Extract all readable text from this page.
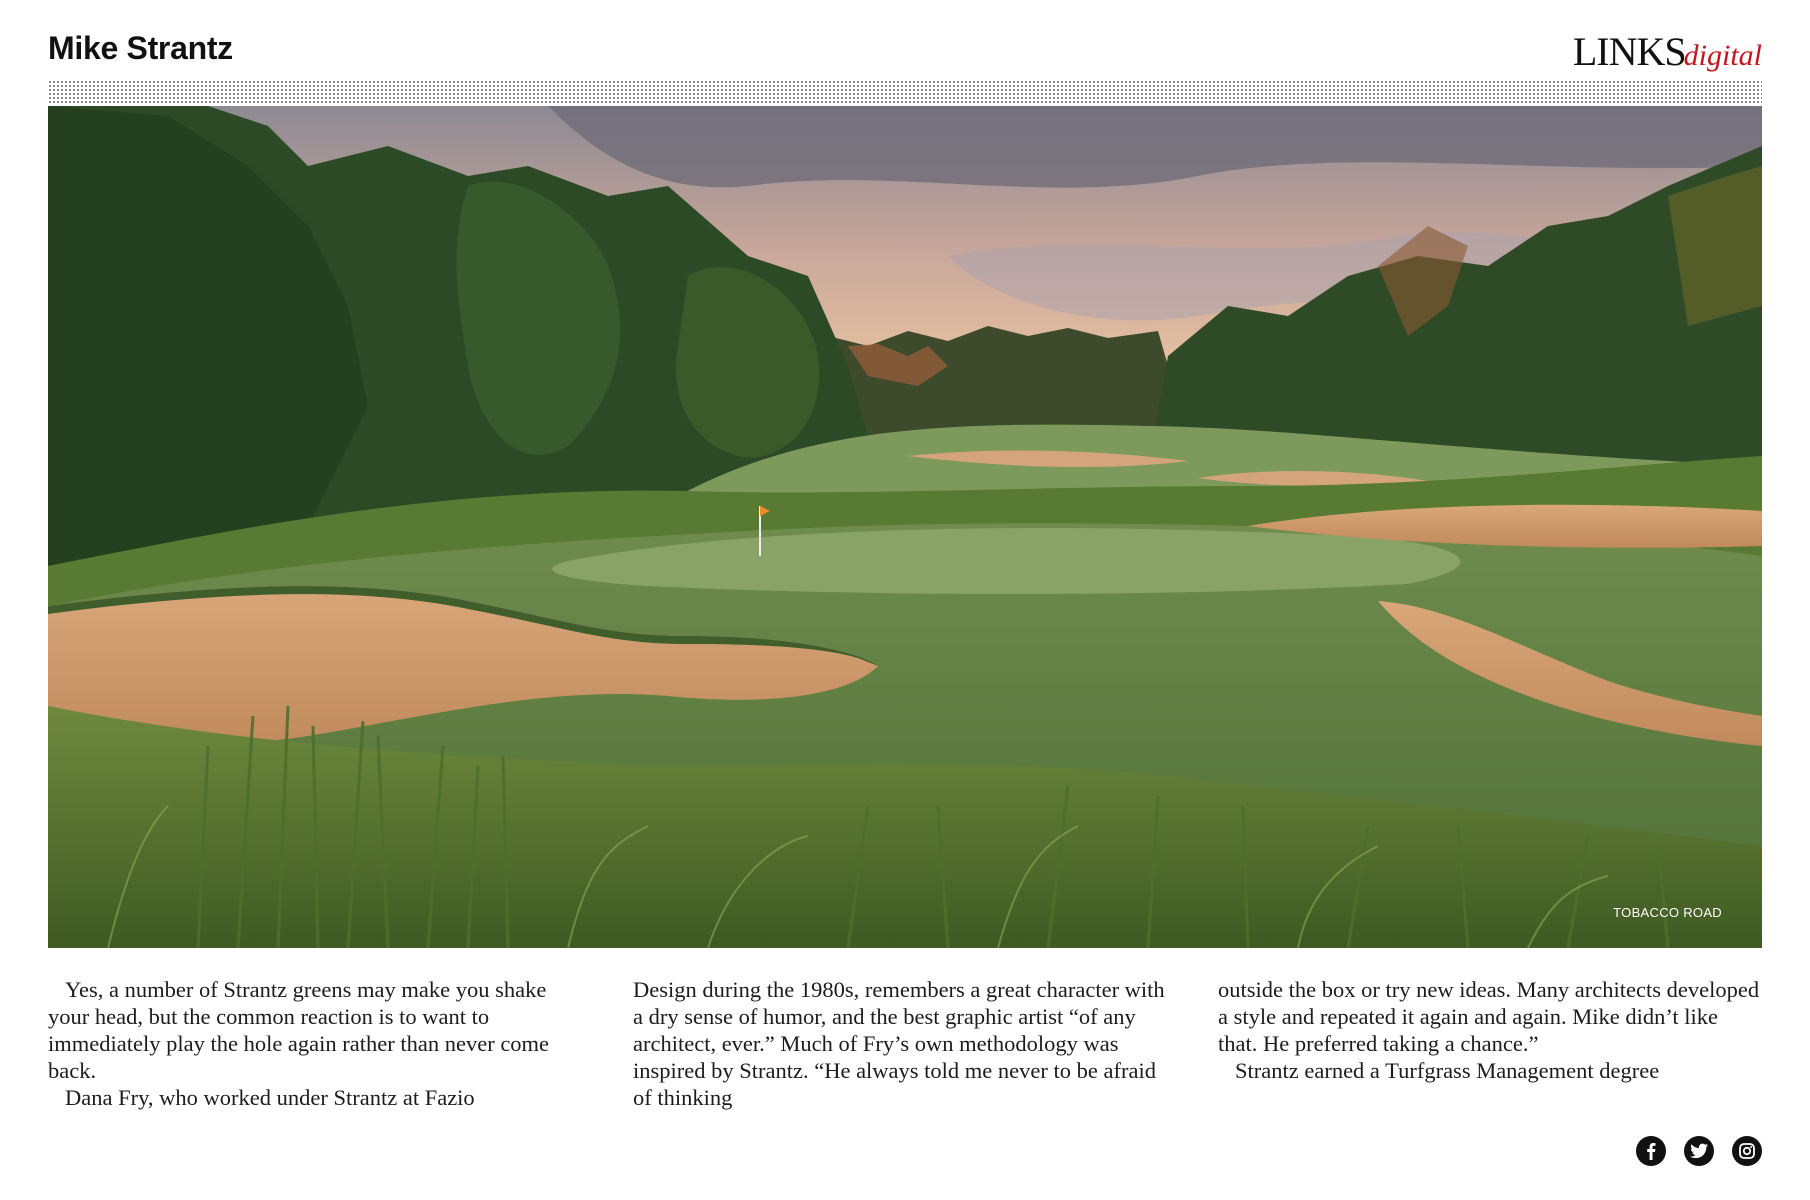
Mike Strantz	LINKSdigital
TOBACCO ROAD

Yes, a number of Strantz greens may make you shake your head, but the common reaction is to want to immediately play the hole again rather than never come back.

Dana Fry, who worked under Strantz at Fazio

Design during the 1980s, remembers a great character with a dry sense of humor, and the best graphic artist “of any architect, ever.” Much of Fry’s own methodology was inspired by Strantz. “He always told me never to be afraid of thinking

outside the box or try new ideas. Many architects developed a style and repeated it again and again. Mike didn’t like that. He preferred taking a chance.”

Strantz earned a Turfgrass Management degree
